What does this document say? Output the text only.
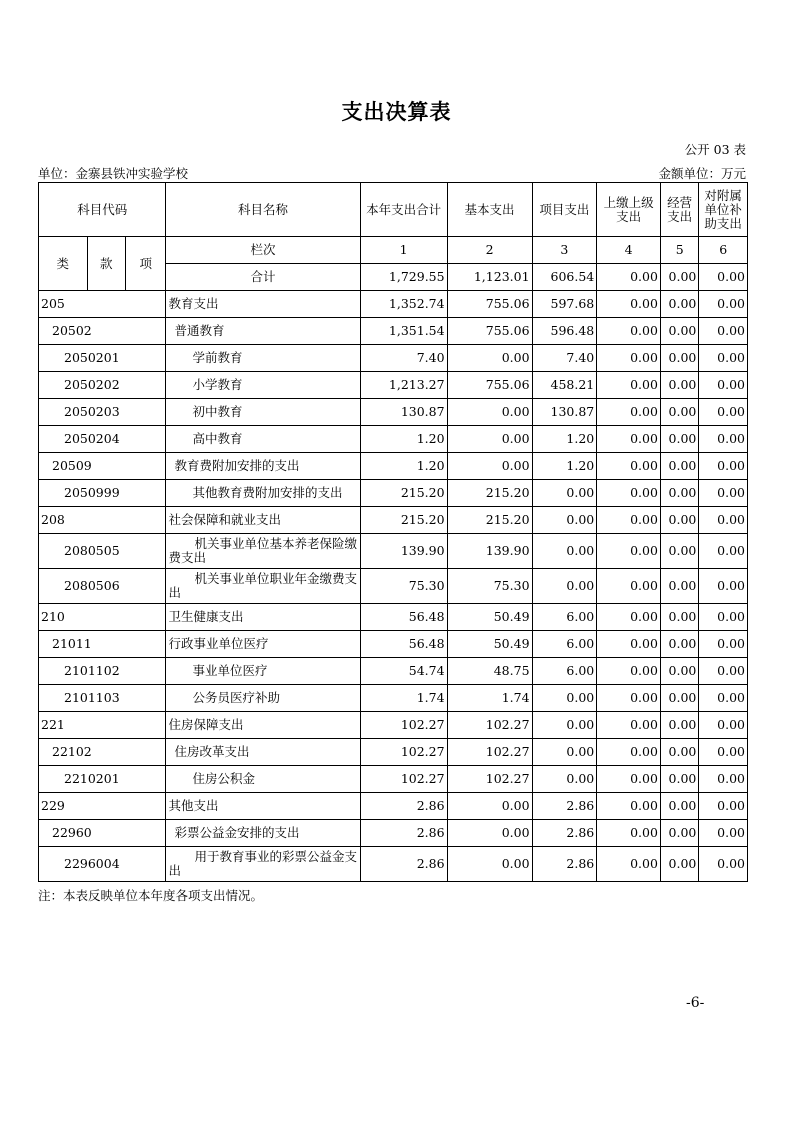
支出决算表
公开 03 表
单位：金寨县铁冲实验学校	金额单位：万元
科目代码			科目名称	本年支出合计	基本支出	项目支出	上缴上级支出	经营支出	对附属单位补助支出
类	款	项	栏次	1	2	3	4	5	6
			合计	1,729.55	1,123.01	606.54	0.00	0.00	0.00
205			教育支出	1,352.74	755.06	597.68	0.00	0.00	0.00
20502			普通教育	1,351.54	755.06	596.48	0.00	0.00	0.00
2050201			学前教育	7.40	0.00	7.40	0.00	0.00	0.00
2050202			小学教育	1,213.27	755.06	458.21	0.00	0.00	0.00
2050203			初中教育	130.87	0.00	130.87	0.00	0.00	0.00
2050204			高中教育	1.20	0.00	1.20	0.00	0.00	0.00
20509			教育费附加安排的支出	1.20	0.00	1.20	0.00	0.00	0.00
2050999			其他教育费附加安排的支出	215.20	215.20	0.00	0.00	0.00	0.00
208			社会保障和就业支出	215.20	215.20	0.00	0.00	0.00	0.00
2080505			机关事业单位基本养老保险缴费支出	139.90	139.90	0.00	0.00	0.00	0.00
2080506			机关事业单位职业年金缴费支出	75.30	75.30	0.00	0.00	0.00	0.00
210			卫生健康支出	56.48	50.49	6.00	0.00	0.00	0.00
21011			行政事业单位医疗	56.48	50.49	6.00	0.00	0.00	0.00
2101102			事业单位医疗	54.74	48.75	6.00	0.00	0.00	0.00
2101103			公务员医疗补助	1.74	1.74	0.00	0.00	0.00	0.00
221			住房保障支出	102.27	102.27	0.00	0.00	0.00	0.00
22102			住房改革支出	102.27	102.27	0.00	0.00	0.00	0.00
2210201			住房公积金	102.27	102.27	0.00	0.00	0.00	0.00
229			其他支出	2.86	0.00	2.86	0.00	0.00	0.00
22960			彩票公益金安排的支出	2.86	0.00	2.86	0.00	0.00	0.00
2296004			用于教育事业的彩票公益金支出	2.86	0.00	2.86	0.00	0.00	0.00
注：本表反映单位本年度各项支出情况。
-6-
